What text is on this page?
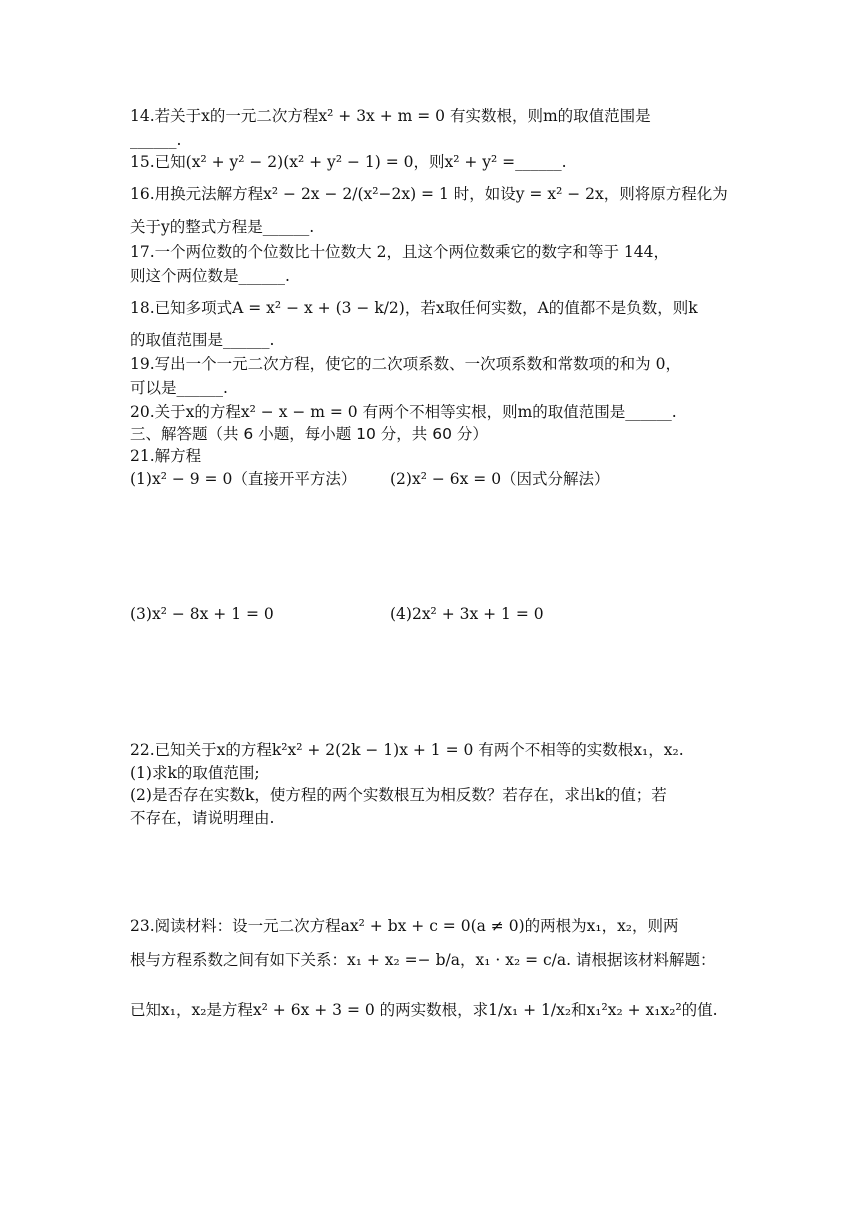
14.若关于x的一元二次方程x² + 3x + m = 0 有实数根，则m的取值范围是
______.
15.已知(x² + y² − 2)(x² + y² − 1) = 0，则x² + y² =______.
16.用换元法解方程x² − 2x − 2/(x²−2x) = 1 时，如设y = x² − 2x，则将原方程化为
关于y的整式方程是______.
17.一个两位数的个位数比十位数大 2，且这个两位数乘它的数字和等于 144，
则这个两位数是______.
18.已知多项式A = x² − x + (3 − k/2)，若x取任何实数，A的值都不是负数，则k
的取值范围是______.
19.写出一个一元二次方程，使它的二次项系数、一次项系数和常数项的和为 0，
可以是______.
20.关于x的方程x² − x − m = 0 有两个不相等实根，则m的取值范围是______.
三、解答题（共 6 小题，每小题 10 分，共 60 分）
21.解方程
(1)x² − 9 = 0（直接开平方法）	(2)x² − 6x = 0（因式分解法）
(3)x² − 8x + 1 = 0	(4)2x² + 3x + 1 = 0
22.已知关于x的方程k²x² + 2(2k − 1)x + 1 = 0 有两个不相等的实数根x₁，x₂.
(1)求k的取值范围;
(2)是否存在实数k，使方程的两个实数根互为相反数？若存在，求出k的值；若
不存在，请说明理由.
23.阅读材料：设一元二次方程ax² + bx + c = 0(a ≠ 0)的两根为x₁，x₂，则两
根与方程系数之间有如下关系：x₁ + x₂ =− b/a，x₁ · x₂ = c/a. 请根据该材料解题：
已知x₁，x₂是方程x² + 6x + 3 = 0 的两实数根，求1/x₁ + 1/x₂和x₁²x₂ + x₁x₂²的值.
